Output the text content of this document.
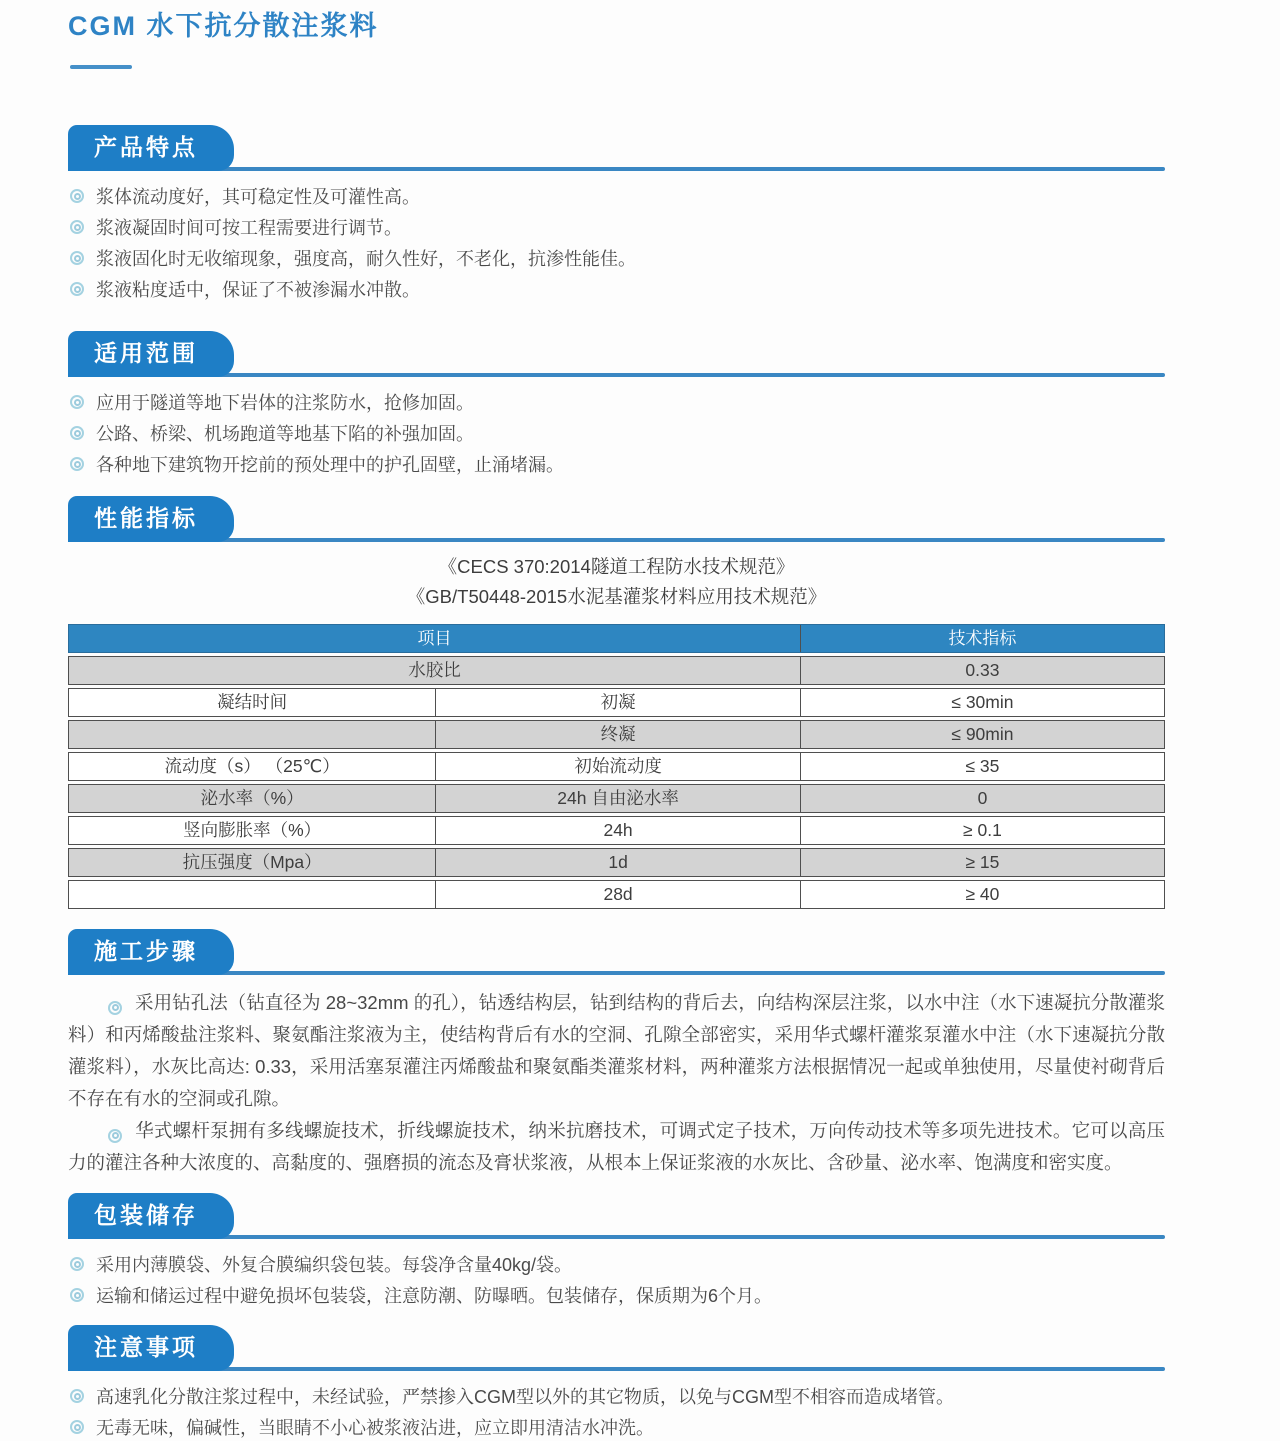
CGM 水下抗分散注浆料
产品特点
浆体流动度好，其可稳定性及可灌性高。
浆液凝固时间可按工程需要进行调节。
浆液固化时无收缩现象，强度高，耐久性好，不老化，抗渗性能佳。
浆液粘度适中，保证了不被渗漏水冲散。
适用范围
应用于隧道等地下岩体的注浆防水，抢修加固。
公路、桥梁、机场跑道等地基下陷的补强加固。
各种地下建筑物开挖前的预处理中的护孔固壁，止涌堵漏。
性能指标
《CECS 370:2014隧道工程防水技术规范》
《GB/T50448-2015水泥基灌浆材料应用技术规范》
项目	技术指标
水胶比	0.33
凝结时间	初凝	≤ 30min
终凝	≤ 90min
流动度（s） （25℃）	初始流动度	≤ 35
泌水率（%）	24h 自由泌水率	0
竖向膨胀率（%）	24h	≥ 0.1
抗压强度（Mpa）	1d	≥ 15
28d	≥ 40
施工步骤

采用钻孔法（钻直径为 28~32mm 的孔），钻透结构层，钻到结构的背后去，向结构深层注浆，以水中注（水下速凝抗分散灌浆料）和丙烯酸盐注浆料、聚氨酯注浆液为主，使结构背后有水的空洞、孔隙全部密实，采用华式螺杆灌浆泵灌水中注（水下速凝抗分散灌浆料），水灰比高达: 0.33，采用活塞泵灌注丙烯酸盐和聚氨酯类灌浆材料，两种灌浆方法根据情况一起或单独使用，尽量使衬砌背后不存在有水的空洞或孔隙。

华式螺杆泵拥有多线螺旋技术，折线螺旋技术，纳米抗磨技术，可调式定子技术，万向传动技术等多项先进技术。它可以高压力的灌注各种大浓度的、高黏度的、强磨损的流态及膏状浆液，从根本上保证浆液的水灰比、含砂量、泌水率、饱满度和密实度。

包装储存
采用内薄膜袋、外复合膜编织袋包装。每袋净含量40kg/袋。
运输和储运过程中避免损坏包装袋，注意防潮、防曝晒。包装储存，保质期为6个月。
注意事项
高速乳化分散注浆过程中，未经试验，严禁掺入CGM型以外的其它物质，以免与CGM型不相容而造成堵管。
无毒无味，偏碱性，当眼睛不小心被浆液沾进，应立即用清洁水冲洗。
